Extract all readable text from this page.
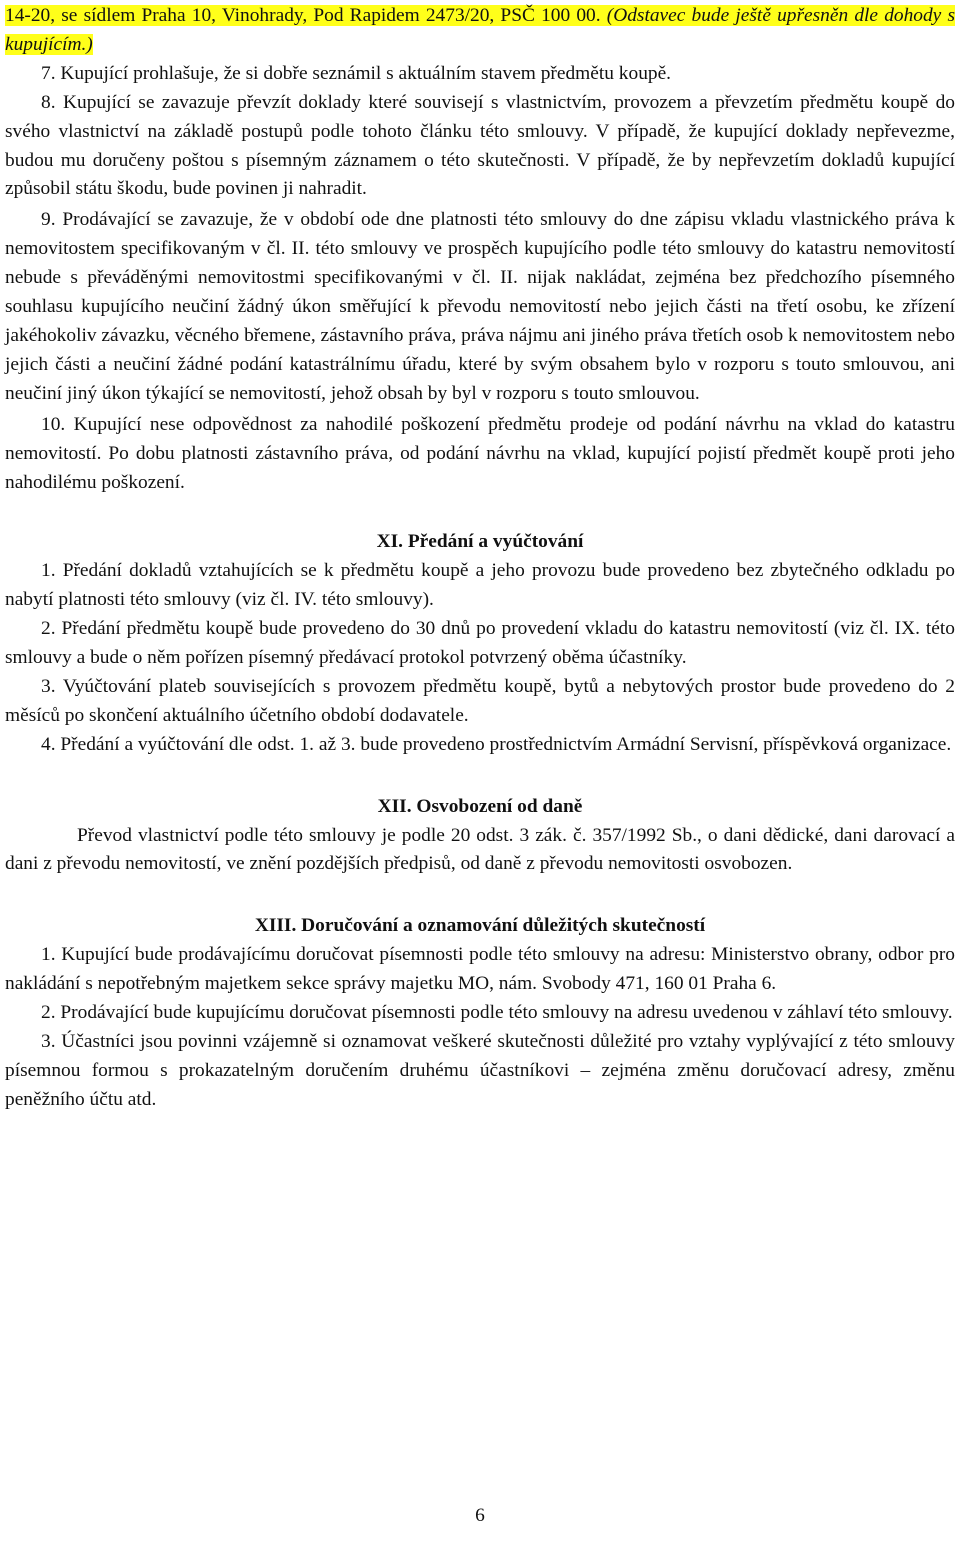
14-20, se sídlem Praha 10, Vinohrady, Pod Rapidem 2473/20, PSČ 100 00. (Odstavec bude ještě upřesněn dle dohody s kupujícím.)

7. Kupující prohlašuje, že si dobře seznámil s aktuálním stavem předmětu koupě.

8. Kupující se zavazuje převzít doklady které souvisejí s vlastnictvím, provozem a převzetím předmětu koupě do svého vlastnictví na základě postupů podle tohoto článku této smlouvy. V případě, že kupující doklady nepřevezme, budou mu doručeny poštou s písemným záznamem o této skutečnosti. V případě, že by nepřevzetím dokladů kupující způsobil státu škodu, bude povinen ji nahradit.

9. Prodávající se zavazuje, že v období ode dne platnosti této smlouvy do dne zápisu vkladu vlastnického práva k nemovitostem specifikovaným v čl. II. této smlouvy ve prospěch kupujícího podle této smlouvy do katastru nemovitostí nebude s převáděnými nemovitostmi specifikovanými v čl. II. nijak nakládat, zejména bez předchozího písemného souhlasu kupujícího neučiní žádný úkon směřující k převodu nemovitostí nebo jejich části na třetí osobu, ke zřízení jakéhokoliv závazku, věcného břemene, zástavního práva, práva nájmu ani jiného práva třetích osob k nemovitostem nebo jejich části a neučiní žádné podání katastrálnímu úřadu, které by svým obsahem bylo v rozporu s touto smlouvou, ani neučiní jiný úkon týkající se nemovitostí, jehož obsah by byl v rozporu s touto smlouvou.

10. Kupující nese odpovědnost za nahodilé poškození předmětu prodeje od podání návrhu na vklad do katastru nemovitostí. Po dobu platnosti zástavního práva, od podání návrhu na vklad, kupující pojistí předmět koupě proti jeho nahodilému poškození.

XI. Předání a vyúčtování

1. Předání dokladů vztahujících se k předmětu koupě a jeho provozu bude provedeno bez zbytečného odkladu po nabytí platnosti této smlouvy (viz čl. IV. této smlouvy).

2. Předání předmětu koupě bude provedeno do 30 dnů po provedení vkladu do katastru nemovitostí (viz čl. IX. této smlouvy a bude o něm pořízen písemný předávací protokol potvrzený oběma účastníky.

3. Vyúčtování plateb souvisejících s provozem předmětu koupě, bytů a nebytových prostor bude provedeno do 2 měsíců po skončení aktuálního účetního období dodavatele.

4. Předání a vyúčtování dle odst. 1. až 3. bude provedeno prostřednictvím Armádní Servisní, příspěvková organizace.

XII. Osvobození od daně

Převod vlastnictví podle této smlouvy je podle 20 odst. 3 zák. č. 357/1992 Sb., o dani dědické, dani darovací a dani z převodu nemovitostí, ve znění pozdějších předpisů, od daně z převodu nemovitosti osvobozen.

XIII. Doručování a oznamování důležitých skutečností

1. Kupující bude prodávajícímu doručovat písemnosti podle této smlouvy na adresu: Ministerstvo obrany, odbor pro nakládání s nepotřebným majetkem sekce správy majetku MO, nám. Svobody 471, 160 01 Praha 6.

2. Prodávající bude kupujícímu doručovat písemnosti podle této smlouvy na adresu uvedenou v záhlaví této smlouvy.

3. Účastníci jsou povinni vzájemně si oznamovat veškeré skutečnosti důležité pro vztahy vyplývající z této smlouvy písemnou formou s prokazatelným doručením druhému účastníkovi – zejména změnu doručovací adresy, změnu peněžního účtu atd.

6
